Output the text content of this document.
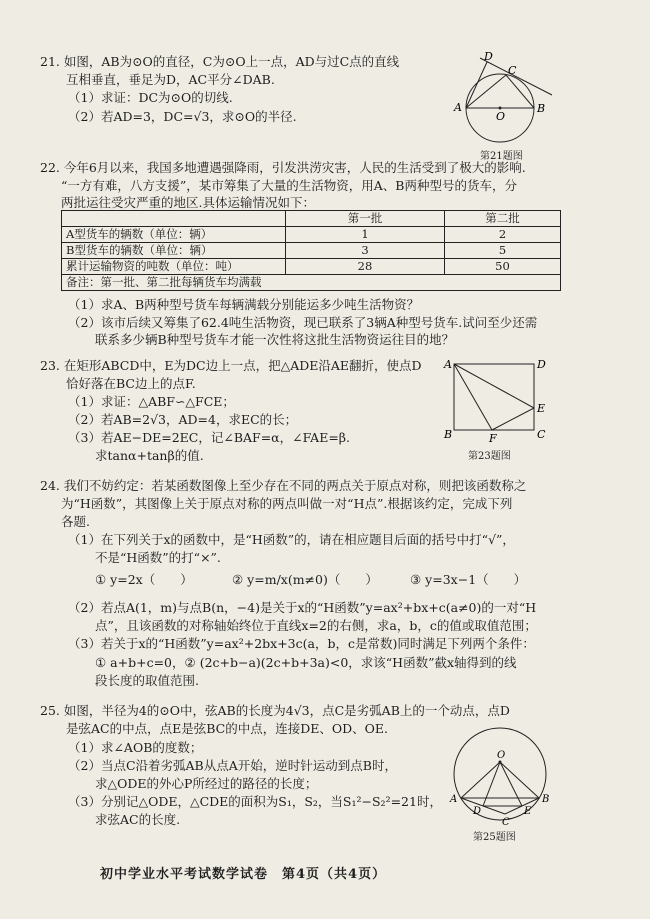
21. 如图，AB为⊙O的直径，C为⊙O上一点，AD与过C点的直线
互相垂直，垂足为D，AC平分∠DAB.
（1）求证：DC为⊙O的切线.
（2）若AD=3，DC=√3，求⊙O的半径.
D
C
A	B
O
第21题图
22. 今年6月以来，我国多地遭遇强降雨，引发洪涝灾害，人民的生活受到了极大的影响.
“一方有难，八方支援”，某市筹集了大量的生活物资，用A、B两种型号的货车，分
两批运往受灾严重的地区.具体运输情况如下：
	第一批	第二批
A型货车的辆数（单位：辆）	1	2
B型货车的辆数（单位：辆）	3	5
累计运输物资的吨数（单位：吨）	28	50
备注：第一批、第二批每辆货车均满载		
（1）求A、B两种型号货车每辆满载分别能运多少吨生活物资？
（2）该市后续又筹集了62.4吨生活物资，现已联系了3辆A种型号货车.试问至少还需
联系多少辆B种型号货车才能一次性将这批生活物资运往目的地？
23. 在矩形ABCD中，E为DC边上一点，把△ADE沿AE翻折，使点D
恰好落在BC边上的点F.
（1）求证：△ABF∽△FCE；
（2）若AB=2√3，AD=4，求EC的长；
（3）若AE−DE=2EC，记∠BAF=α，∠FAE=β.
求tanα+tanβ的值.
A	D
E
B	F	C
第23题图
24. 我们不妨约定：若某函数图像上至少存在不同的两点关于原点对称，则把该函数称之
为“H函数”，其图像上关于原点对称的两点叫做一对“H点”.根据该约定，完成下列
各题.
（1）在下列关于x的函数中，是“H函数”的，请在相应题目后面的括号中打“√”，
不是“H函数”的打“×”.
① y=2x（　　）	② y=m/x(m≠0)（　　）	③ y=3x−1（　　）
（2）若点A(1，m)与点B(n，−4)是关于x的“H函数”y=ax²+bx+c(a≠0)的一对“H
点”，且该函数的对称轴始终位于直线x=2的右侧，求a，b，c的值或取值范围；
（3）若关于x的“H函数”y=ax²+2bx+3c(a，b，c是常数)同时满足下列两个条件：
① a+b+c=0，② (2c+b−a)(2c+b+3a)<0，求该“H函数”截x轴得到的线
段长度的取值范围.
25. 如图，半径为4的⊙O中，弦AB的长度为4√3，点C是劣弧AB上的一个动点，点D
是弦AC的中点，点E是弦BC的中点，连接DE、OD、OE.
（1）求∠AOB的度数；
（2）当点C沿着劣弧AB从点A开始，逆时针运动到点B时，
求△ODE的外心P所经过的路径的长度；
（3）分别记△ODE，△CDE的面积为S₁，S₂，当S₁²−S₂²=21时，
求弦AC的长度.
O
A	B
D	E
C
第25题图
初中学业水平考试数学试卷　第4页（共4页）
